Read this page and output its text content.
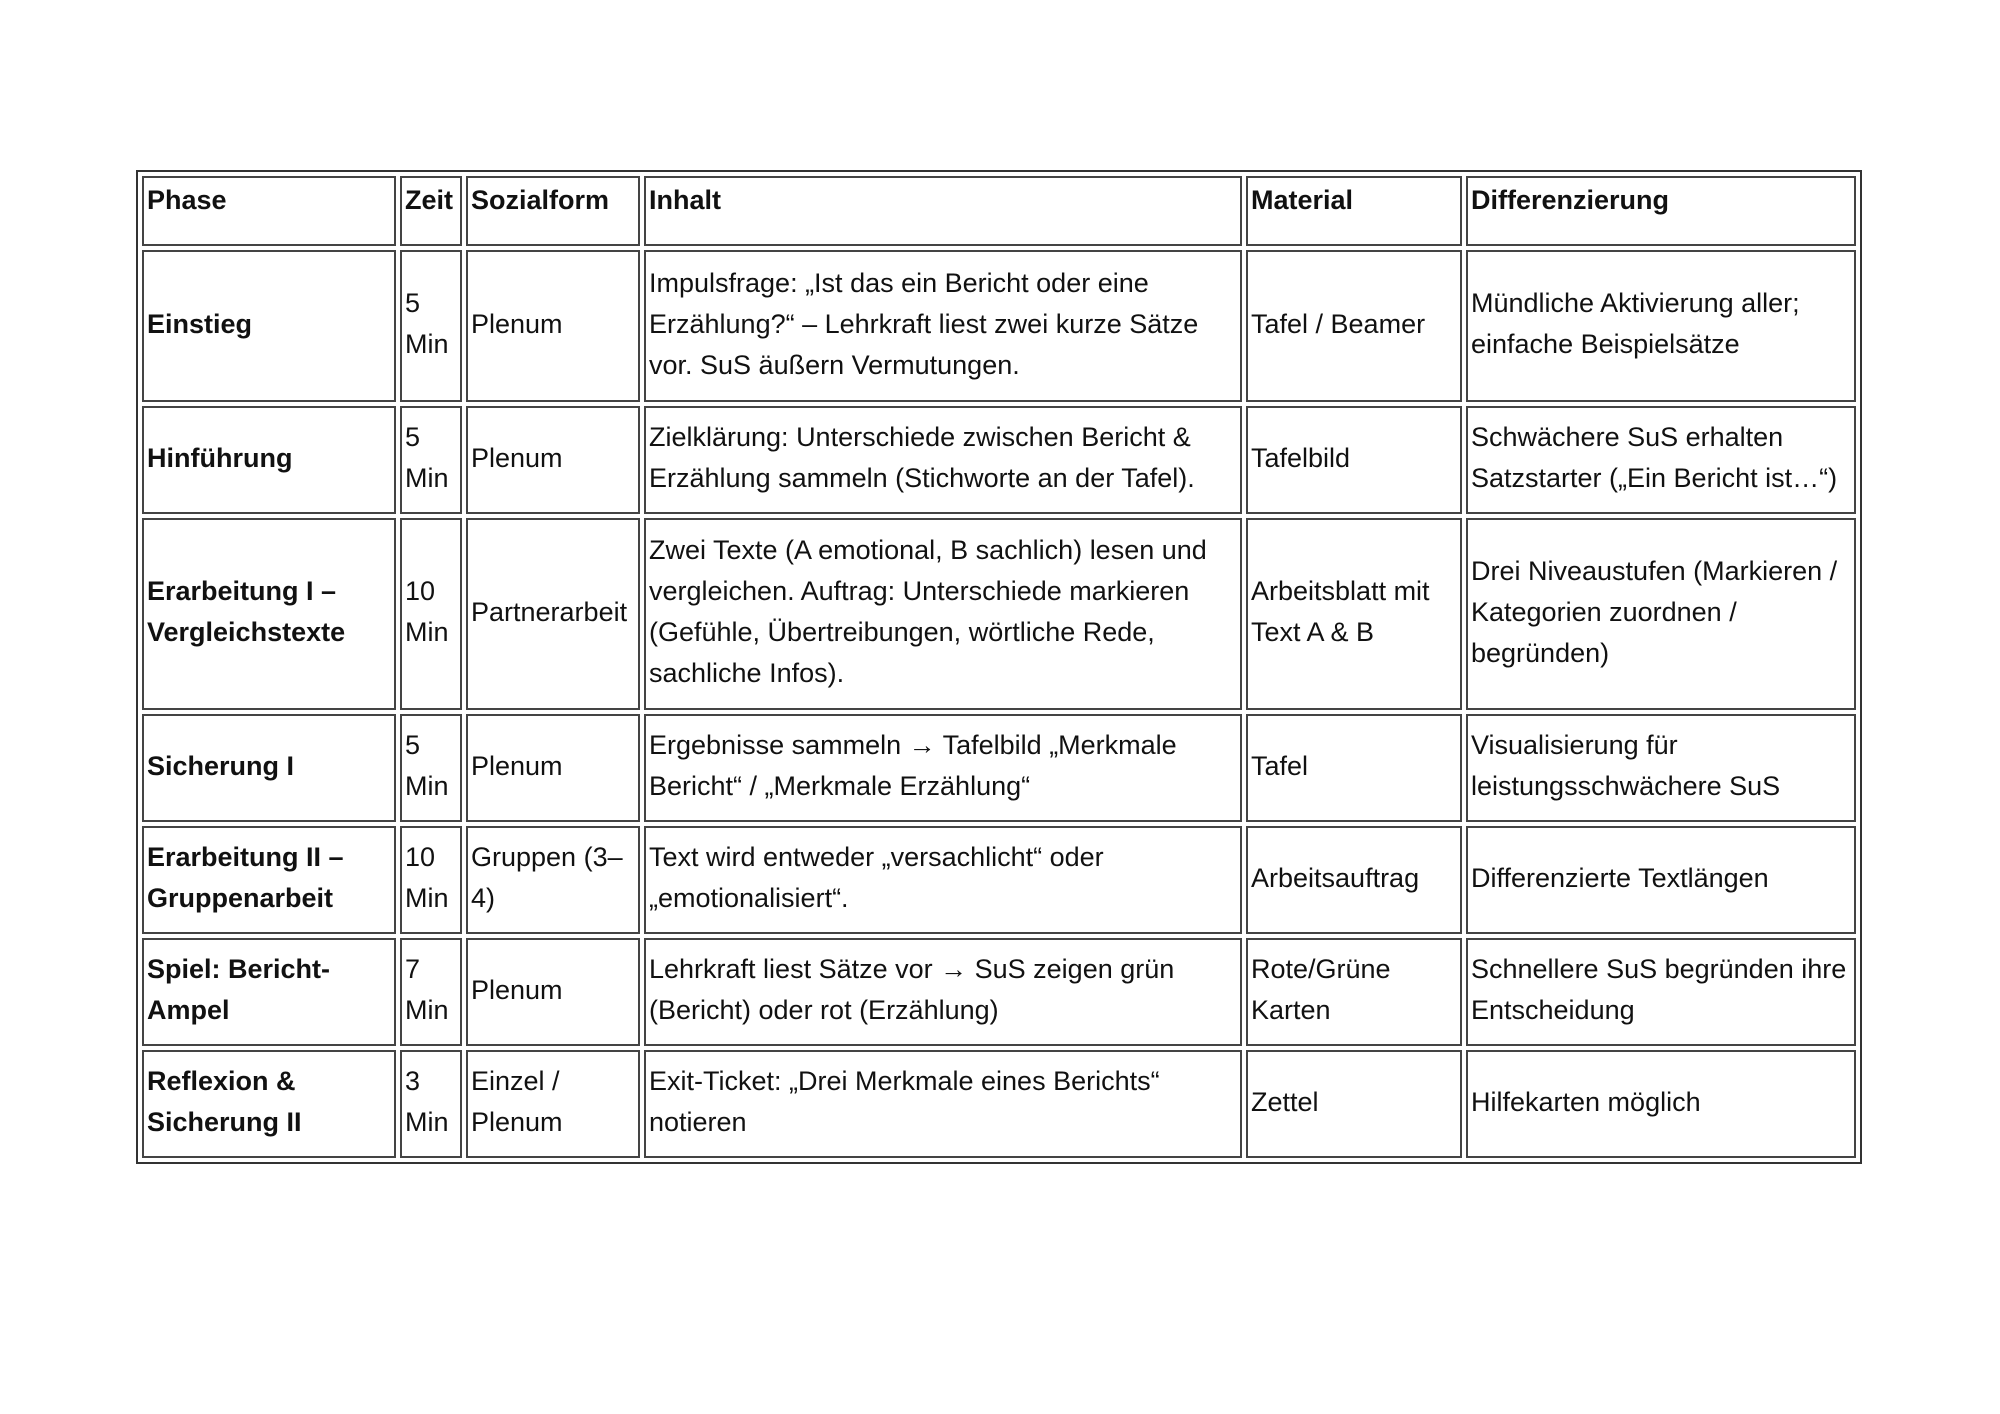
Phase	Zeit	Sozialform	Inhalt	Material	Differenzierung
Einstieg	5 Min	Plenum	Impulsfrage: „Ist das ein Bericht oder eine Erzählung?“ – Lehrkraft liest zwei kurze Sätze vor. SuS äußern Vermutungen.	Tafel / Beamer	Mündliche Aktivierung aller; einfache Beispielsätze
Hinführung	5 Min	Plenum	Zielklärung: Unterschiede zwischen Bericht & Erzählung sammeln (Stichworte an der Tafel).	Tafelbild	Schwächere SuS erhalten Satzstarter („Ein Bericht ist…“)
Erarbeitung I – Vergleichstexte	10 Min	Partnerarbeit	Zwei Texte (A emotional, B sachlich) lesen und vergleichen. Auftrag: Unterschiede markieren (Gefühle, Übertreibungen, wörtliche Rede, sachliche Infos).	Arbeitsblatt mit Text A & B	Drei Niveaustufen (Markieren / Kategorien zuordnen / begründen)
Sicherung I	5 Min	Plenum	Ergebnisse sammeln → Tafelbild „Merkmale Bericht“ / „Merkmale Erzählung“	Tafel	Visualisierung für leistungsschwächere SuS
Erarbeitung II – Gruppenarbeit	10 Min	Gruppen (3–4)	Text wird entweder „versachlicht“ oder „emotionalisiert“.	Arbeitsauftrag	Differenzierte Textlängen
Spiel: Bericht-Ampel	7 Min	Plenum	Lehrkraft liest Sätze vor → SuS zeigen grün (Bericht) oder rot (Erzählung)	Rote/Grüne Karten	Schnellere SuS begründen ihre Entscheidung
Reflexion & Sicherung II	3 Min	Einzel / Plenum	Exit-Ticket: „Drei Merkmale eines Berichts“ notieren	Zettel	Hilfekarten möglich
